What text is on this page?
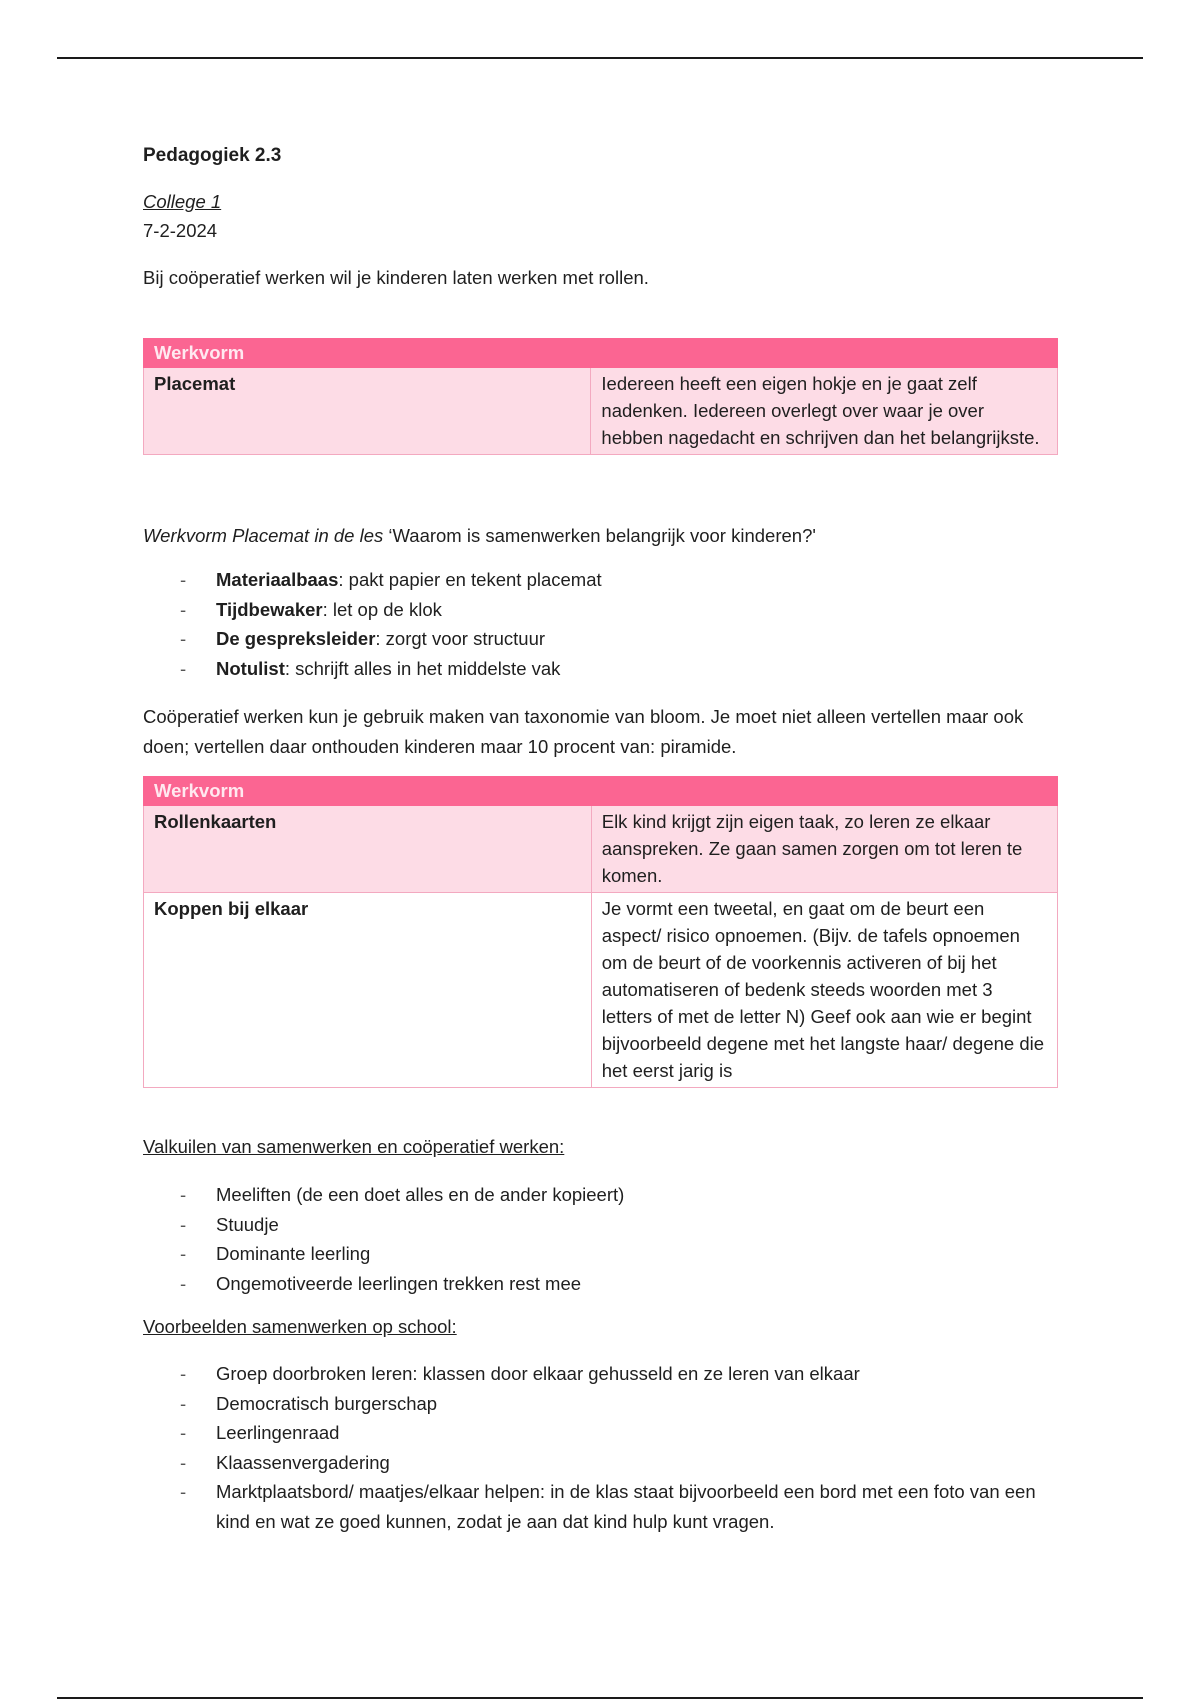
Pedagogiek 2.3
College 1
7-2-2024
Bij coöperatief werken wil je kinderen laten werken met rollen.
Werkvorm
Placemat	Iedereen heeft een eigen hokje en je gaat zelf nadenken. Iedereen overlegt over waar je over hebben nagedacht en schrijven dan het belangrijkste.
Werkvorm Placemat in de les ‘Waarom is samenwerken belangrijk voor kinderen?'
- Materiaalbaas: pakt papier en tekent placemat
- Tijdbewaker: let op de klok
- De gespreksleider: zorgt voor structuur
- Notulist: schrijft alles in het middelste vak
Coöperatief werken kun je gebruik maken van taxonomie van bloom. Je moet niet alleen vertellen maar ook doen; vertellen daar onthouden kinderen maar 10 procent van: piramide.
Werkvorm	
Rollenkaarten	Elk kind krijgt zijn eigen taak, zo leren ze elkaar aanspreken. Ze gaan samen zorgen om tot leren te komen.
Koppen bij elkaar	Je vormt een tweetal, en gaat om de beurt een aspect/ risico opnoemen. (Bijv. de tafels opnoemen om de beurt of de voorkennis activeren of bij het automatiseren of bedenk steeds woorden met 3 letters of met de letter N) Geef ook aan wie er begint bijvoorbeeld degene met het langste haar/ degene die het eerst jarig is
Valkuilen van samenwerken en coöperatief werken:
- Meeliften (de een doet alles en de ander kopieert)
- Stuudje
- Dominante leerling
- Ongemotiveerde leerlingen trekken rest mee
Voorbeelden samenwerken op school:
- Groep doorbroken leren: klassen door elkaar gehusseld en ze leren van elkaar
- Democratisch burgerschap
- Leerlingenraad
- Klaassenvergadering
- Marktplaatsbord/ maatjes/elkaar helpen: in de klas staat bijvoorbeeld een bord met een foto van een kind en wat ze goed kunnen, zodat je aan dat kind hulp kunt vragen.
